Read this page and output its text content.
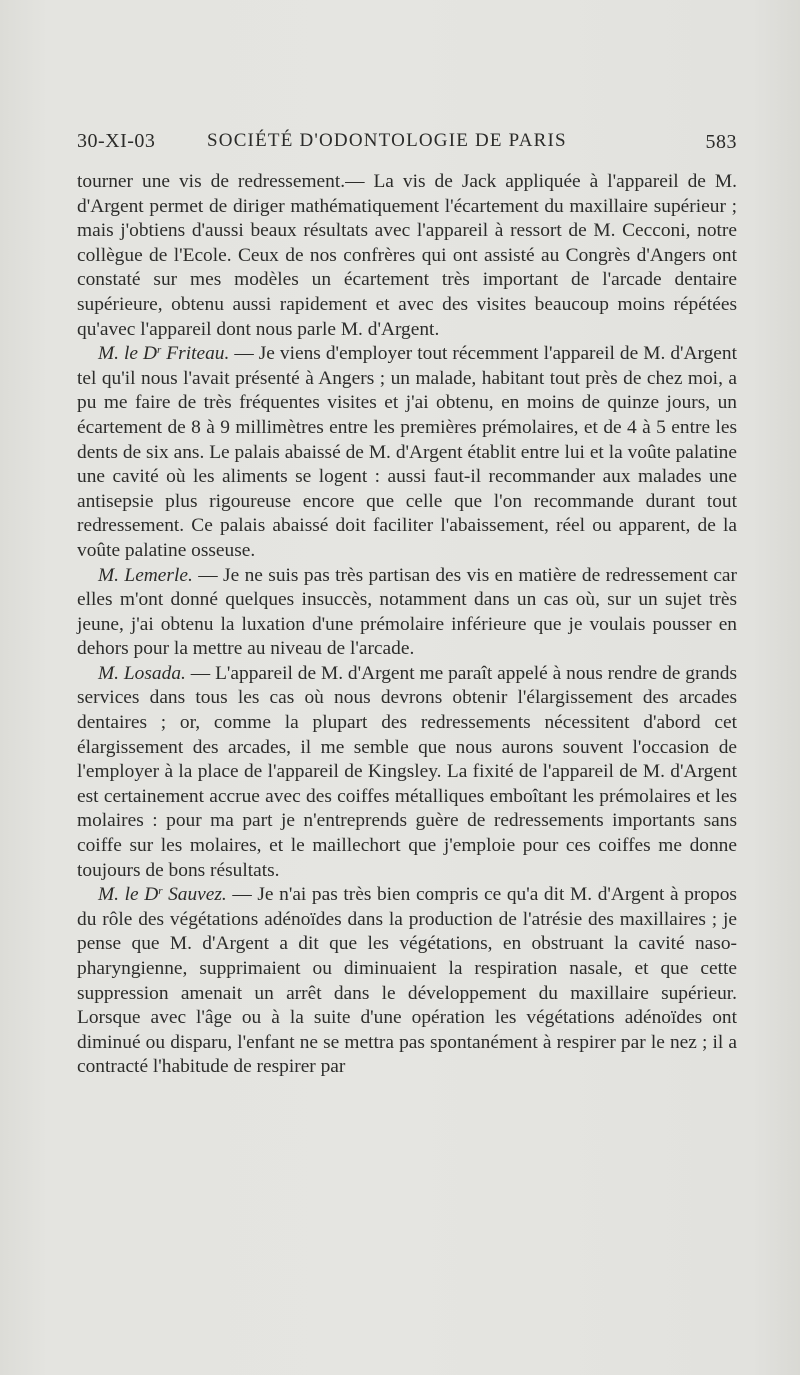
30-XI-03	SOCIÉTÉ D'ODONTOLOGIE DE PARIS	583

tourner une vis de redressement.— La vis de Jack appliquée à l'appareil de M. d'Argent permet de diriger mathématiquement l'écartement du maxillaire supérieur ; mais j'obtiens d'aussi beaux résultats avec l'appareil à ressort de M. Cecconi, notre collègue de l'Ecole. Ceux de nos confrères qui ont assisté au Congrès d'Angers ont constaté sur mes modèles un écartement très important de l'arcade dentaire supérieure, obtenu aussi rapidement et avec des visites beaucoup moins répétées qu'avec l'appareil dont nous parle M. d'Argent.

M. le $D^r$ Friteau. — Je viens d'employer tout récemment l'appareil de M. d'Argent tel qu'il nous l'avait présenté à Angers ; un malade, habitant tout près de chez moi, a pu me faire de très fréquentes visites et j'ai obtenu, en moins de quinze jours, un écartement de 8 à 9 millimètres entre les premières prémolaires, et de 4 à 5 entre les dents de six ans. Le palais abaissé de M. d'Argent établit entre lui et la voûte palatine une cavité où les aliments se logent : aussi faut-il recommander aux malades une antisepsie plus rigoureuse encore que celle que l'on recommande durant tout redressement. Ce palais abaissé doit faciliter l'abaissement, réel ou apparent, de la voûte palatine osseuse.

M. Lemerle. — Je ne suis pas très partisan des vis en matière de redressement car elles m'ont donné quelques insuccès, notamment dans un cas où, sur un sujet très jeune, j'ai obtenu la luxation d'une prémolaire inférieure que je voulais pousser en dehors pour la mettre au niveau de l'arcade.

M. Losada. — L'appareil de M. d'Argent me paraît appelé à nous rendre de grands services dans tous les cas où nous devrons obtenir l'élargissement des arcades dentaires ; or, comme la plupart des redressements nécessitent d'abord cet élargissement des arcades, il me semble que nous aurons souvent l'occasion de l'employer à la place de l'appareil de Kingsley. La fixité de l'appareil de M. d'Argent est certainement accrue avec des coiffes métalliques emboîtant les prémolaires et les molaires : pour ma part je n'entreprends guère de redressements importants sans coiffe sur les molaires, et le maillechort que j'emploie pour ces coiffes me donne toujours de bons résultats.

M. le $D^r$ Sauvez. — Je n'ai pas très bien compris ce qu'a dit M. d'Argent à propos du rôle des végétations adénoïdes dans la production de l'atrésie des maxillaires ; je pense que M. d'Argent a dit que les végétations, en obstruant la cavité naso-pharyngienne, supprimaient ou diminuaient la respiration nasale, et que cette suppression amenait un arrêt dans le développement du maxillaire supérieur. Lorsque avec l'âge ou à la suite d'une opération les végétations adénoïdes ont diminué ou disparu, l'enfant ne se mettra pas spontanément à respirer par le nez ; il a contracté l'habitude de respirer par
